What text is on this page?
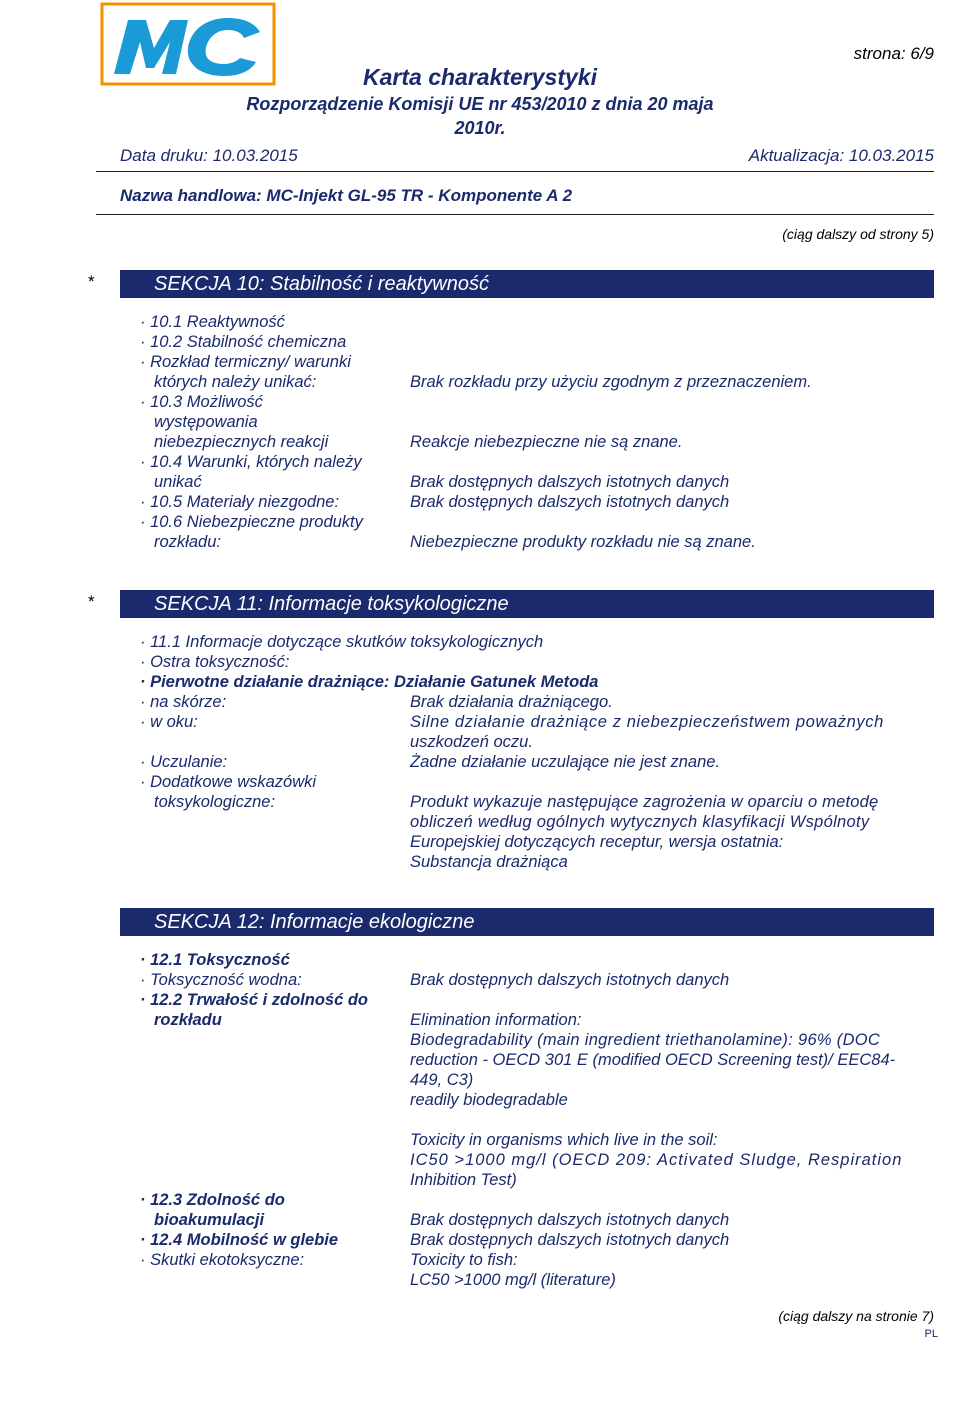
strona: 6/9
Karta charakterystyki
Rozporządzenie Komisji UE nr 453/2010 z dnia 20 maja
2010r.
Data druku: 10.03.2015	Aktualizacja: 10.03.2015
Nazwa handlowa: MC-Injekt GL-95 TR - Komponente A 2
(ciąg dalszy od strony 5)
*	SEKCJA 10: Stabilność i reaktywność
· 10.1 Reaktywność
· 10.2 Stabilność chemiczna
· Rozkład termiczny/ warunki
których należy unikać:	Brak rozkładu przy użyciu zgodnym z przeznaczeniem.
· 10.3 Możliwość
występowania
niebezpiecznych reakcji	Reakcje niebezpieczne nie są znane.
· 10.4 Warunki, których należy
unikać	Brak dostępnych dalszych istotnych danych
· 10.5 Materiały niezgodne:	Brak dostępnych dalszych istotnych danych
· 10.6 Niebezpieczne produkty
rozkładu:	Niebezpieczne produkty rozkładu nie są znane.
*	SEKCJA 11: Informacje toksykologiczne
· 11.1 Informacje dotyczące skutków toksykologicznych
· Ostra toksyczność:
· Pierwotne działanie drażniące: Działanie Gatunek Metoda
· na skórze:	Brak działania drażniącego.
· w oku:	Silne działanie drażniące z niebezpieczeństwem poważnych
uszkodzeń oczu.
· Uczulanie:	Żadne działanie uczulające nie jest znane.
· Dodatkowe wskazówki
toksykologiczne:	Produkt wykazuje następujące zagrożenia w oparciu o metodę
obliczeń według ogólnych wytycznych klasyfikacji Wspólnoty
Europejskiej dotyczących receptur, wersja ostatnia:
Substancja drażniąca
SEKCJA 12: Informacje ekologiczne
· 12.1 Toksyczność
· Toksyczność wodna:	Brak dostępnych dalszych istotnych danych
· 12.2 Trwałość i zdolność do
rozkładu	Elimination information:
Biodegradability (main ingredient triethanolamine): 96% (DOC
reduction - OECD 301 E (modified OECD Screening test)/ EEC84-
449, C3)
readily biodegradable
Toxicity in organisms which live in the soil:
IC50 >1000 mg/l (OECD 209: Activated Sludge, Respiration
Inhibition Test)
· 12.3 Zdolność do
bioakumulacji	Brak dostępnych dalszych istotnych danych
· 12.4 Mobilność w glebie	Brak dostępnych dalszych istotnych danych
· Skutki ekotoksyczne:	Toxicity to fish:
LC50 >1000 mg/l (literature)
(ciąg dalszy na stronie 7)
PL
